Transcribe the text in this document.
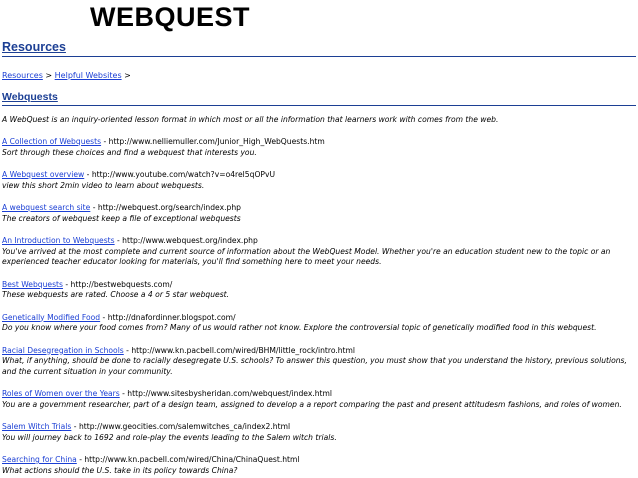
WEBQUEST
Resources
Resources > Helpful Websites >
Webquests
A WebQuest is an inquiry-oriented lesson format in which most or all the information that learners work with comes from the web.
A Collection of Webquests - http://www.nelliemuller.com/Junior_High_WebQuests.htm
Sort through these choices and find a webquest that interests you.
A Webquest overview - http://www.youtube.com/watch?v=o4rel5qOPvU
view this short 2min video to learn about webquests.
A webquest search site - http://webquest.org/search/index.php
The creators of webquest keep a file of exceptional webquests
An Introduction to Webquests - http://www.webquest.org/index.php
You've arrived at the most complete and current source of information about the WebQuest Model. Whether you're an education student new to the topic or an experienced teacher educator looking for materials, you'll find something here to meet your needs.
Best Webquests - http://bestwebquests.com/
These webquests are rated. Choose a 4 or 5 star webquest.
Genetically Modified Food - http://dnafordinner.blogspot.com/
Do you know where your food comes from? Many of us would rather not know. Explore the controversial topic of genetically modified food in this webquest.
Racial Desegregation in Schools - http://www.kn.pacbell.com/wired/BHM/little_rock/intro.html
What, if anything, should be done to racially desegregate U.S. schools? To answer this question, you must show that you understand the history, previous solutions, and the current situation in your community.
Roles of Women over the Years - http://www.sitesbysheridan.com/webquest/index.html
You are a government researcher, part of a design team, assigned to develop a a report comparing the past and present attitudesm fashions, and roles of women.
Salem Witch Trials - http://www.geocities.com/salemwitches_ca/index2.html
You will journey back to 1692 and role-play the events leading to the Salem witch trials.
Searching for China - http://www.kn.pacbell.com/wired/China/ChinaQuest.html
What actions should the U.S. take in its policy towards China?
